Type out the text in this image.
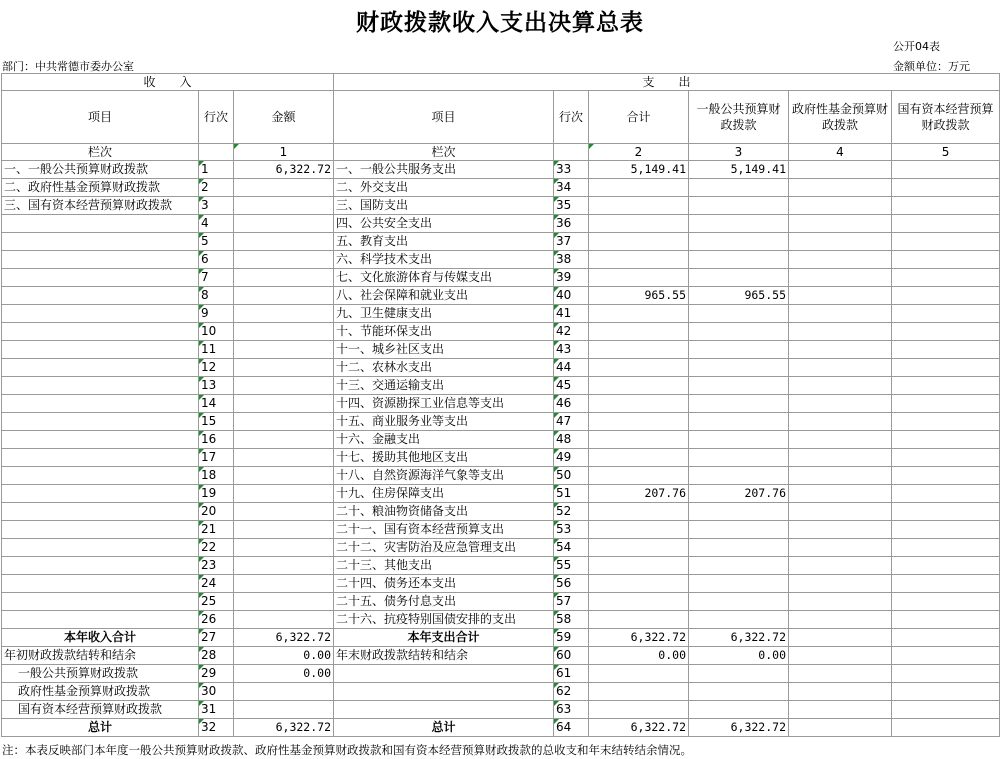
财政拨款收入支出决算总表
公开04表
部门：中共常德市委办公室	金额单位：万元
收　　入			支　　出					
项目	行次	金额	项目	行次	合计	一般公共预算财政拨款	政府性基金预算财政拨款	国有资本经营预算财政拨款
栏次		1	栏次		2	3	4	5
一、一般公共预算财政拨款	1	6,322.72	一、一般公共服务支出	33	5,149.41	5,149.41		
二、政府性基金预算财政拨款	2		二、外交支出	34				
三、国有资本经营预算财政拨款	3		三、国防支出	35				
	4		四、公共安全支出	36				
	5		五、教育支出	37				
	6		六、科学技术支出	38				
	7		七、文化旅游体育与传媒支出	39				
	8		八、社会保障和就业支出	40	965.55	965.55		
	9		九、卫生健康支出	41				
	10		十、节能环保支出	42				
	11		十一、城乡社区支出	43				
	12		十二、农林水支出	44				
	13		十三、交通运输支出	45				
	14		十四、资源勘探工业信息等支出	46				
	15		十五、商业服务业等支出	47				
	16		十六、金融支出	48				
	17		十七、援助其他地区支出	49				
	18		十八、自然资源海洋气象等支出	50				
	19		十九、住房保障支出	51	207.76	207.76		
	20		二十、粮油物资储备支出	52				
	21		二十一、国有资本经营预算支出	53				
	22		二十二、灾害防治及应急管理支出	54				
	23		二十三、其他支出	55				
	24		二十四、债务还本支出	56				
	25		二十五、债务付息支出	57				
	26		二十六、抗疫特别国债安排的支出	58				
本年收入合计	27	6,322.72	本年支出合计	59	6,322.72	6,322.72		
年初财政拨款结转和结余	28	0.00	年末财政拨款结转和结余	60	0.00	0.00		
一般公共预算财政拨款	29	0.00		61				
政府性基金预算财政拨款	30			62				
国有资本经营预算财政拨款	31			63				
总计	32	6,322.72	总计	64	6,322.72	6,322.72		
注：本表反映部门本年度一般公共预算财政拨款、政府性基金预算财政拨款和国有资本经营预算财政拨款的总收支和年末结转结余情况。
